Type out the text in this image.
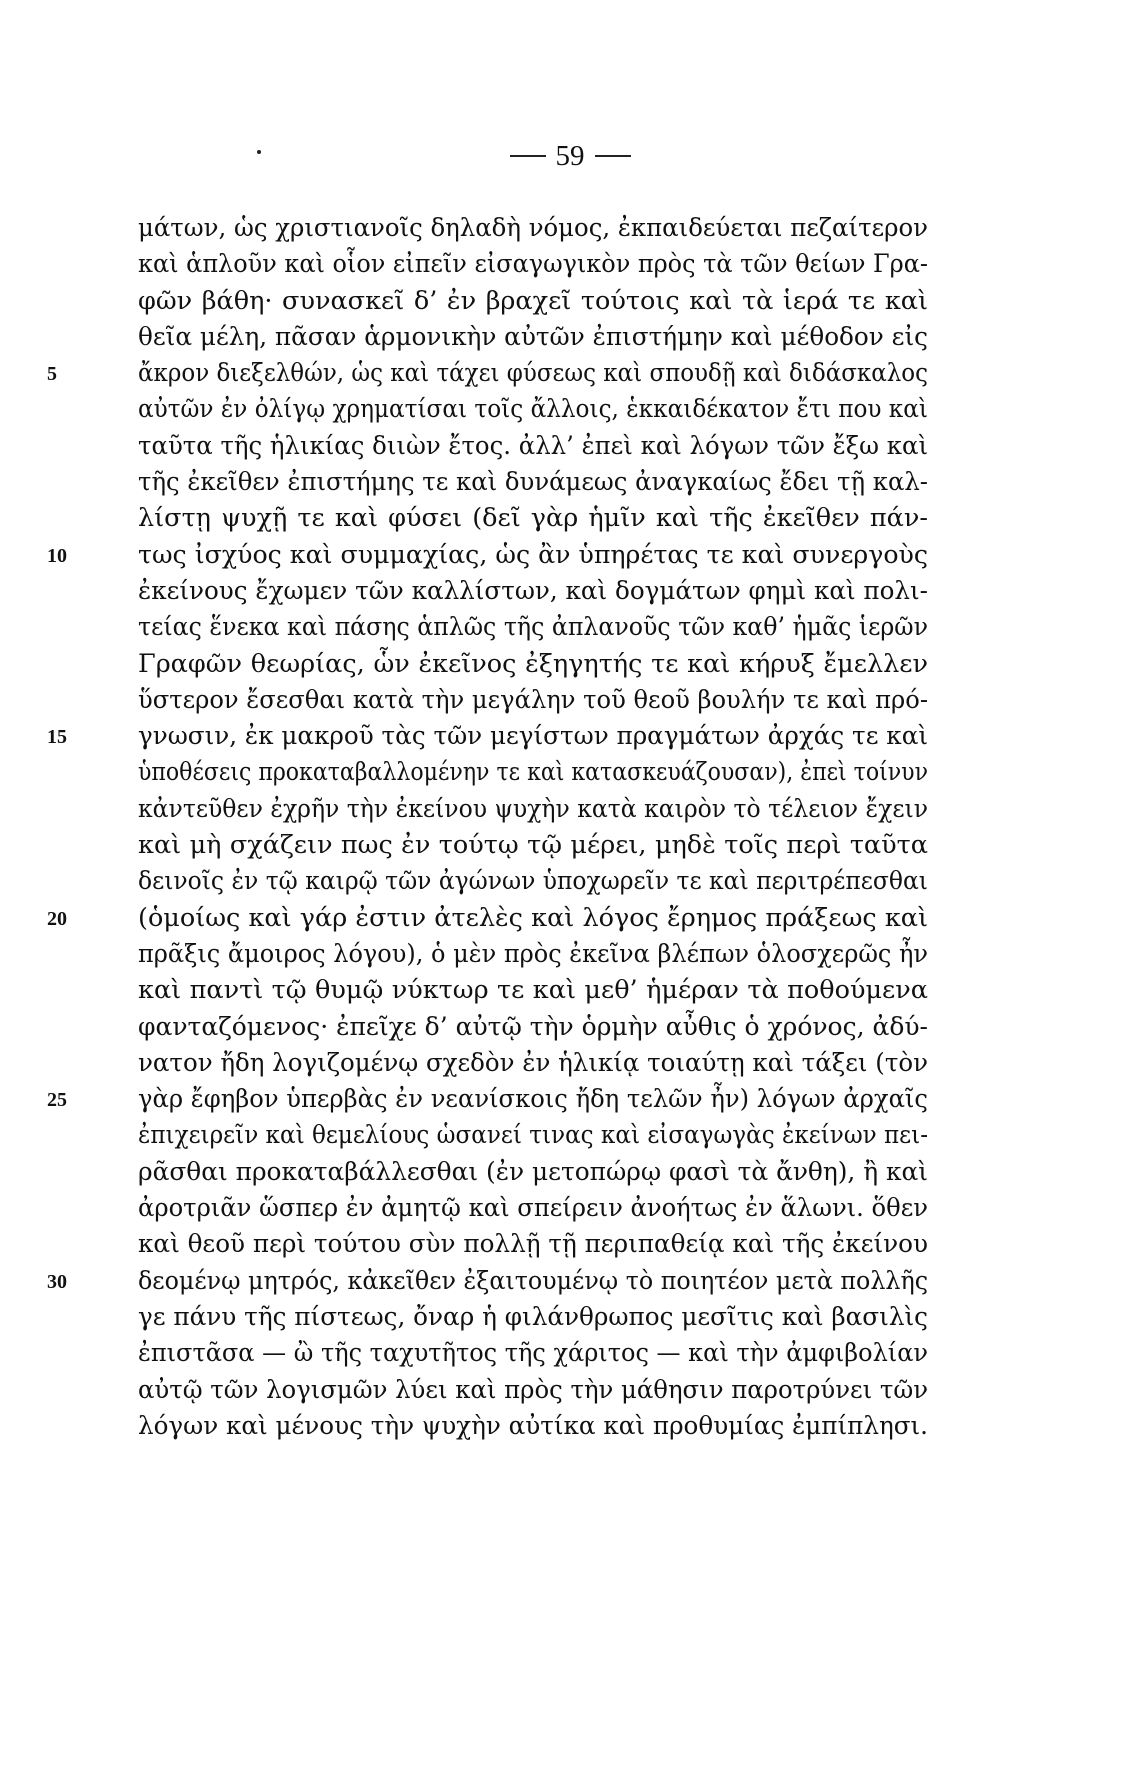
59
μάτων, ὡς χριστιανοῖς δηλαδὴ νόμος, ἐκπαιδεύεται πεζαίτερον
καὶ ἁπλοῦν καὶ οἷον εἰπεῖν εἰσαγωγικὸν πρὸς τὰ τῶν θείων Γρα-
φῶν βάθη· συνασκεῖ δ’ ἐν βραχεῖ τούτοις καὶ τὰ ἱερά τε καὶ
θεῖα μέλη, πᾶσαν ἁρμονικὴν αὐτῶν ἐπιστήμην καὶ μέθοδον εἰς
5	ἄκρον διεξελθών, ὡς καὶ τάχει φύσεως καὶ σπουδῇ καὶ διδάσκαλος
αὐτῶν ἐν ὀλίγῳ χρηματίσαι τοῖς ἄλλοις, ἑκκαιδέκατον ἔτι που καὶ
ταῦτα τῆς ἡλικίας διιὼν ἔτος. ἀλλ’ ἐπεὶ καὶ λόγων τῶν ἔξω καὶ
τῆς ἐκεῖθεν ἐπιστήμης τε καὶ δυνάμεως ἀναγκαίως ἔδει τῇ καλ-
λίστῃ ψυχῇ τε καὶ φύσει (δεῖ γὰρ ἡμῖν καὶ τῆς ἐκεῖθεν πάν-
10	τως ἰσχύος καὶ συμμαχίας, ὡς ἂν ὑπηρέτας τε καὶ συνεργοὺς
ἐκείνους ἔχωμεν τῶν καλλίστων, καὶ δογμάτων φημὶ καὶ πολι-
τείας ἕνεκα καὶ πάσης ἁπλῶς τῆς ἀπλανοῦς τῶν καθ’ ἡμᾶς ἱερῶν
Γραφῶν θεωρίας, ὧν ἐκεῖνος ἐξηγητής τε καὶ κήρυξ ἔμελλεν
ὕστερον ἔσεσθαι κατὰ τὴν μεγάλην τοῦ θεοῦ βουλήν τε καὶ πρό-
15	γνωσιν, ἐκ μακροῦ τὰς τῶν μεγίστων πραγμάτων ἀρχάς τε καὶ
ὑποθέσεις προκαταβαλλομένην τε καὶ κατασκευάζουσαν), ἐπεὶ τοίνυν
κἀντεῦθεν ἐχρῆν τὴν ἐκείνου ψυχὴν κατὰ καιρὸν τὸ τέλειον ἔχειν
καὶ μὴ σχάζειν πως ἐν τούτῳ τῷ μέρει, μηδὲ τοῖς περὶ ταῦτα
δεινοῖς ἐν τῷ καιρῷ τῶν ἀγώνων ὑποχωρεῖν τε καὶ περιτρέπεσθαι
20	(ὁμοίως καὶ γάρ ἐστιν ἀτελὲς καὶ λόγος ἔρημος πράξεως καὶ
πρᾶξις ἄμοιρος λόγου), ὁ μὲν πρὸς ἐκεῖνα βλέπων ὁλοσχερῶς ἦν
καὶ παντὶ τῷ θυμῷ νύκτωρ τε καὶ μεθ’ ἡμέραν τὰ ποθούμενα
φανταζόμενος· ἐπεῖχε δ’ αὐτῷ τὴν ὁρμὴν αὖθις ὁ χρόνος, ἀδύ-
νατον ἤδη λογιζομένῳ σχεδὸν ἐν ἡλικίᾳ τοιαύτῃ καὶ τάξει (τὸν
25	γὰρ ἔφηβον ὑπερβὰς ἐν νεανίσκοις ἤδη τελῶν ἦν) λόγων ἀρχαῖς
ἐπιχειρεῖν καὶ θεμελίους ὡσανεί τινας καὶ εἰσαγωγὰς ἐκείνων πει-
ρᾶσθαι προκαταβάλλεσθαι (ἐν μετοπώρῳ φασὶ τὰ ἄνθη), ἢ καὶ
ἀροτριᾶν ὥσπερ ἐν ἀμητῷ καὶ σπείρειν ἀνοήτως ἐν ἅλωνι. ὅθεν
καὶ θεοῦ περὶ τούτου σὺν πολλῇ τῇ περιπαθείᾳ καὶ τῆς ἐκείνου
30	δεομένῳ μητρός, κἀκεῖθεν ἐξαιτουμένῳ τὸ ποιητέον μετὰ πολλῆς
γε πάνυ τῆς πίστεως, ὄναρ ἡ φιλάνθρωπος μεσῖτις καὶ βασιλὶς
ἐπιστᾶσα — ὢ τῆς ταχυτῆτος τῆς χάριτος — καὶ τὴν ἀμφιβολίαν
αὐτῷ τῶν λογισμῶν λύει καὶ πρὸς τὴν μάθησιν παροτρύνει τῶν
λόγων καὶ μένους τὴν ψυχὴν αὐτίκα καὶ προθυμίας ἐμπίπλησι.
